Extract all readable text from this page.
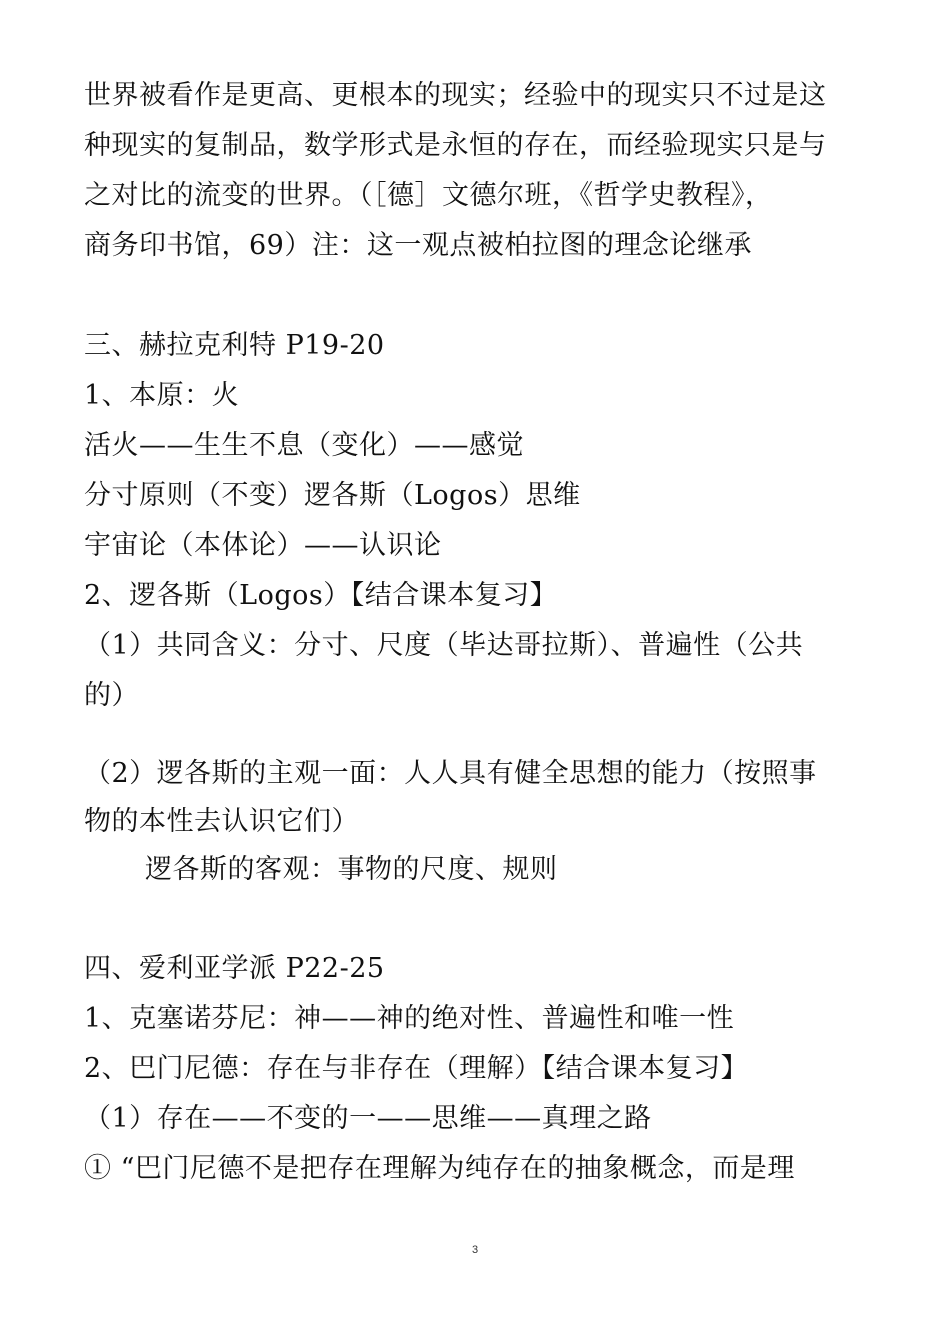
世界被看作是更高、更根本的现实；经验中的现实只不过是这
种现实的复制品，数学形式是永恒的存在，而经验现实只是与
之对比的流变的世界。（［德］文德尔班，《哲学史教程》，
商务印书馆，69）注：这一观点被柏拉图的理念论继承
三、赫拉克利特 P19-20
1、本原：火
活火——生生不息（变化）——感觉
分寸原则（不变）逻各斯（Logos）思维
宇宙论（本体论）——认识论
2、逻各斯（Logos）【结合课本复习】
（1）共同含义：分寸、尺度（毕达哥拉斯）、普遍性（公共
的）
（2）逻各斯的主观一面：人人具有健全思想的能力（按照事
物的本性去认识它们）
逻各斯的客观：事物的尺度、规则
四、爱利亚学派 P22-25
1、克塞诺芬尼：神——神的绝对性、普遍性和唯一性
2、巴门尼德：存在与非存在（理解）【结合课本复习】
（1）存在——不变的一——思维——真理之路
① “巴门尼德不是把存在理解为纯存在的抽象概念，而是理
3
